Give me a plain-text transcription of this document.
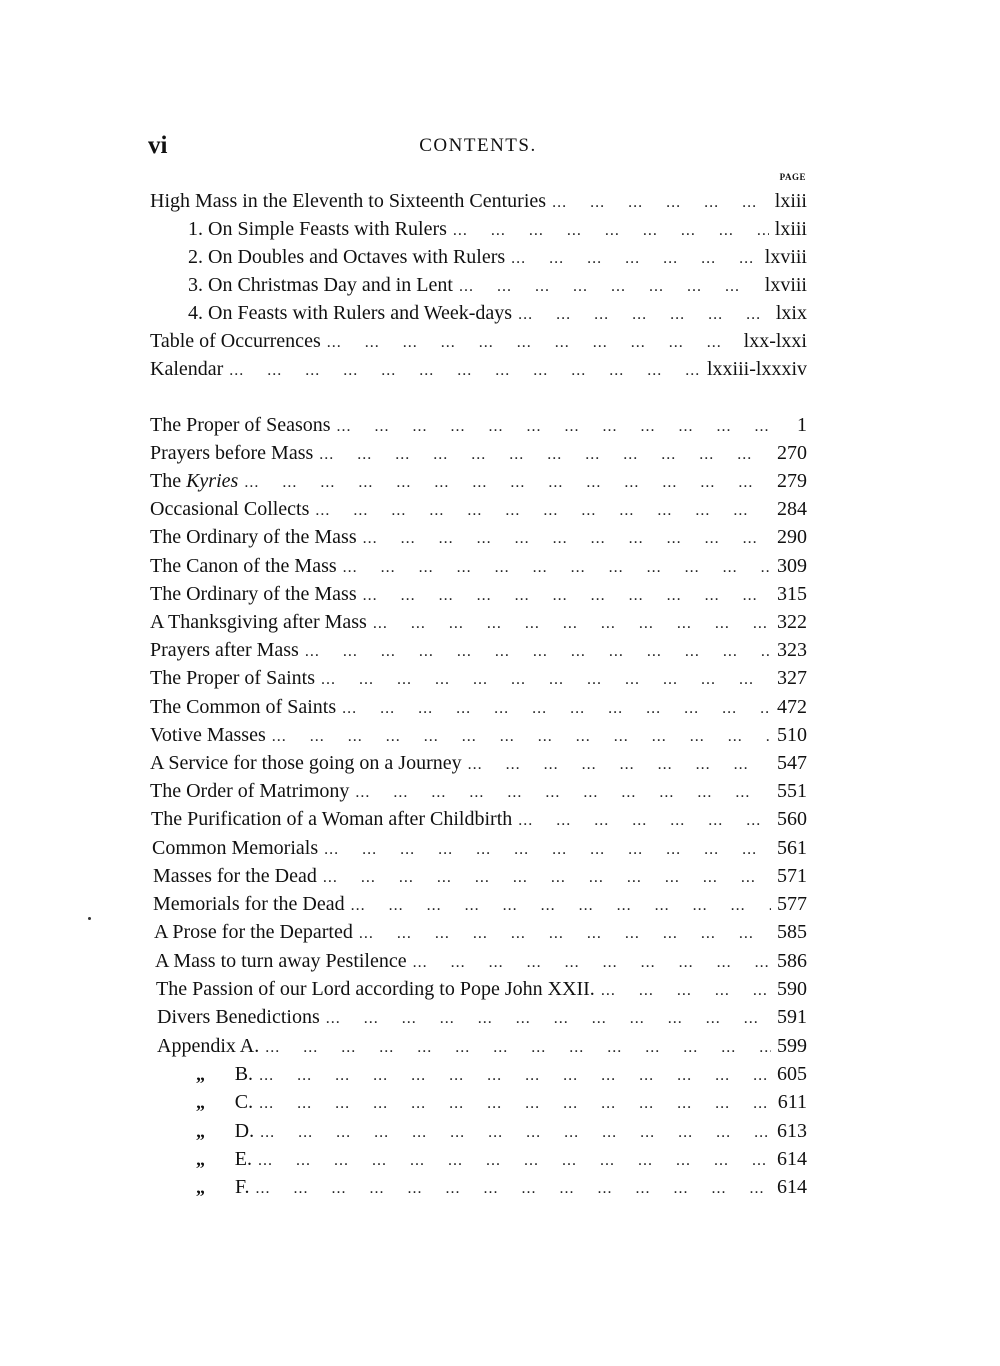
vi	CONTENTS.
PAGE
High Mass in the Eleventh to Sixteenth Centuries ...	lxiii
1. On Simple Feasts with Rulers ...	lxiii
2. On Doubles and Octaves with Rulers ...	lxviii
3. On Christmas Day and in Lent ...	lxviii
4. On Feasts with Rulers and Week-days ...	lxix
Table of Occurrences ...	lxx-lxxi
Kalendar ...	lxxiii-lxxxiv
The Proper of Seasons ...	1
Prayers before Mass ...	270
The Kyries ...	279
Occasional Collects ...	284
The Ordinary of the Mass ...	290
The Canon of the Mass ...	309
The Ordinary of the Mass ...	315
A Thanksgiving after Mass ...	322
Prayers after Mass ...	323
The Proper of Saints ...	327
The Common of Saints ...	472
Votive Masses ...	510
A Service for those going on a Journey ...	547
The Order of Matrimony ...	551
The Purification of a Woman after Childbirth ...	560
Common Memorials ...	561
Masses for the Dead ...	571
Memorials for the Dead ...	577
A Prose for the Departed ...	585
A Mass to turn away Pestilence ...	586
The Passion of our Lord according to Pope John XXII. ...	590
Divers Benedictions ...	591
Appendix A. ...	599
„	B. ...	605
„	C. ...	611
„	D. ...	613
„	E. ...	614
„	F. ...	614
